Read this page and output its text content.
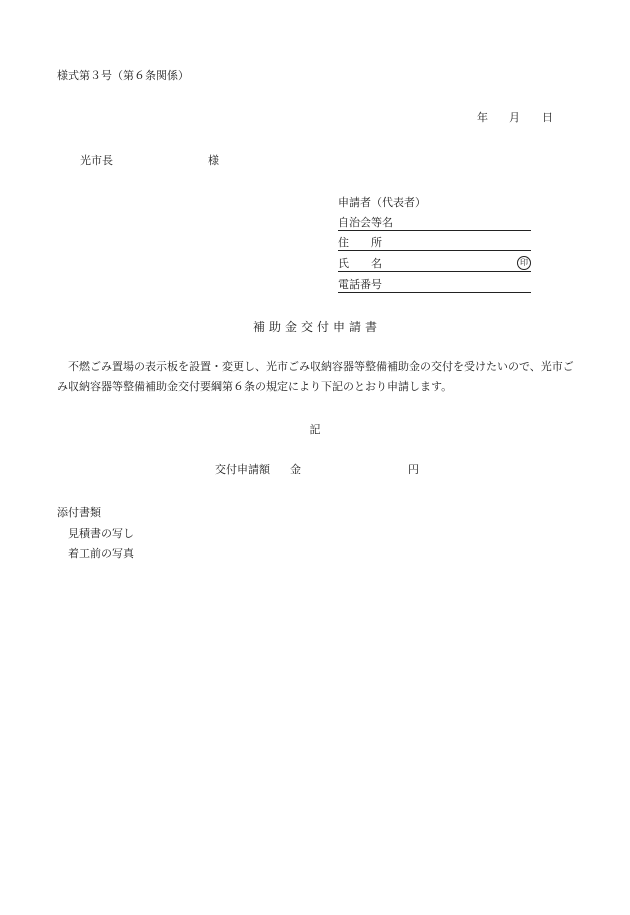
様式第３号（第６条関係）
年 月 日
光市長	様
申請者（代表者）
自治会等名
住　　所
氏　　名	印
電話番号
補助金交付申請書
不燃ごみ置場の表示板を設置・変更し、光市ごみ収納容器等整備補助金の交付を受けたいので、光市ごみ収納容器等整備補助金交付要綱第６条の規定により下記のとおり申請します。
記
交付申請額 金	円
添付書類
見積書の写し
着工前の写真
